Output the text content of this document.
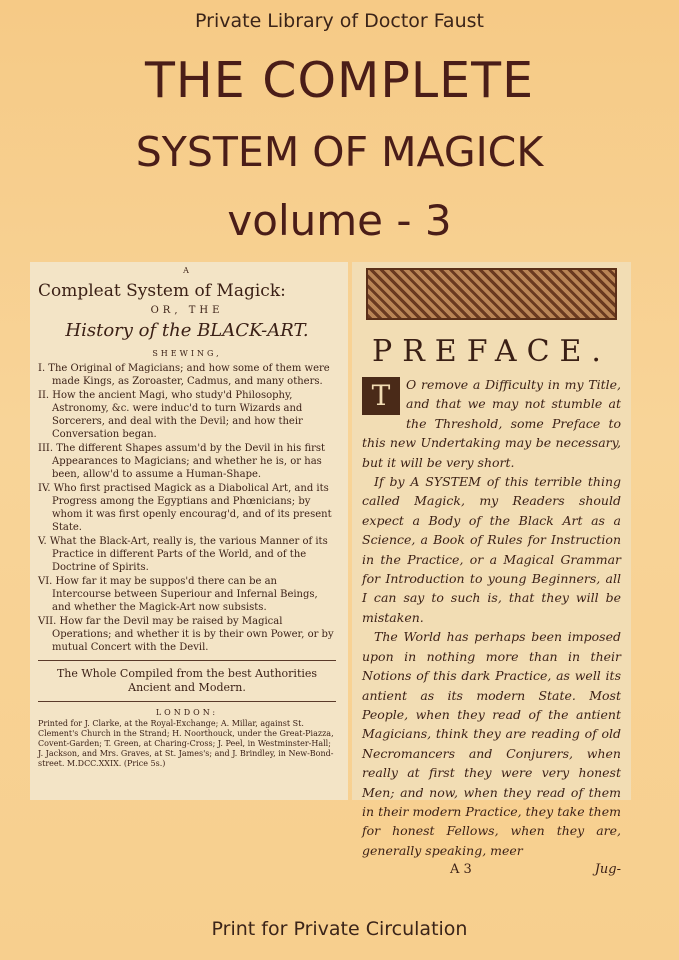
Private Library of Doctor Faust
THE COMPLETE
SYSTEM OF MAGICK
volume - 3
A
Compleat System of Magick:
OR, THE
History of the BLACK-ART.
SHEWING,
I. The Original of Magicians; and how some of them were made Kings, as Zoroaster, Cadmus, and many others.
II. How the ancient Magi, who study'd Philosophy, Astronomy, &c. were induc'd to turn Wizards and Sorcerers, and deal with the Devil; and how their Conversation began.
III. The different Shapes assum'd by the Devil in his first Appearances to Magicians; and whether he is, or has been, allow'd to assume a Human-Shape.
IV. Who first practised Magick as a Diabolical Art, and its Progress among the Egyptians and Phœnicians; by whom it was first openly encourag'd, and of its present State.
V. What the Black-Art, really is, the various Manner of its Practice in different Parts of the World, and of the Doctrine of Spirits.
VI. How far it may be suppos'd there can be an Intercourse between Superiour and Infernal Beings, and whether the Magick-Art now subsists.
VII. How far the Devil may be raised by Magical Operations; and whether it is by their own Power, or by mutual Concert with the Devil.
The Whole Compiled from the best Authorities
Ancient and Modern.
LONDON:
Printed for J. Clarke, at the Royal-Exchange; A. Millar, against St. Clement's Church in the Strand; H. Noorthouck, under the Great-Piazza, Covent-Garden; T. Green, at Charing-Cross; J. Peel, in Westminster-Hall; J. Jackson, and Mrs. Graves, at St. James's; and J. Brindley, in New-Bond-street. M.DCC.XXIX. (Price 5s.)
PREFACE.

T	O remove a Difficulty in my Title, and that we may not stumble at the Threshold, some Preface to this new Undertaking may be necessary, but it will be very short.

If by A SYSTEM of this terrible thing called Magick, my Readers should expect a Body of the Black Art as a Science, a Book of Rules for Instruction in the Practice, or a Magical Grammar for Introduction to young Beginners, all I can say to such is, that they will be mistaken.

The World has perhaps been imposed upon in nothing more than in their Notions of this dark Practice, as well its antient as its modern State. Most People, when they read of the antient Magicians, think they are reading of old Necromancers and Conjurers, when really at first they were very honest Men; and now, when they read of them in their modern Practice, they take them for honest Fellows, when they are, generally speaking, meer

A 3	Jug-
Print for Private Circulation
